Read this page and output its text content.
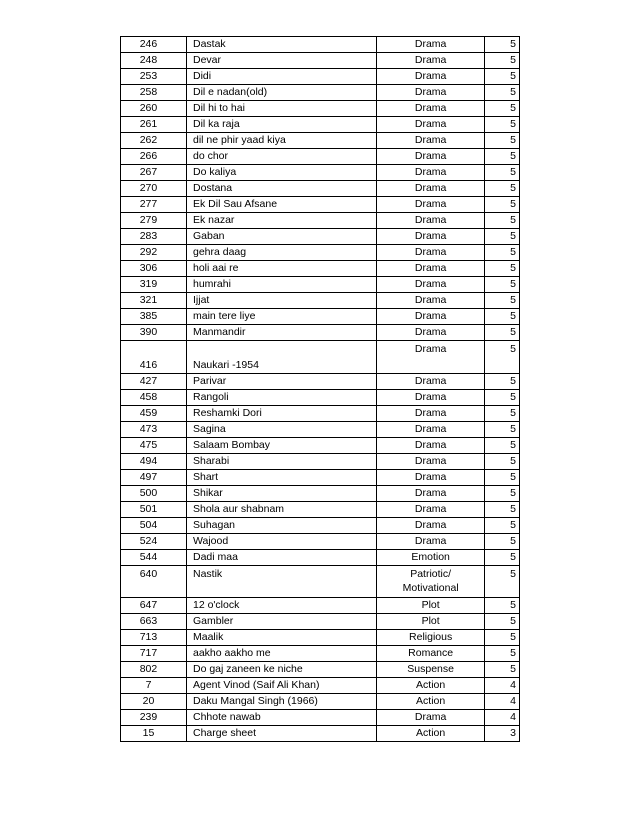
246	Dastak	Drama	5
248	Devar	Drama	5
253	Didi	Drama	5
258	Dil e nadan(old)	Drama	5
260	Dil hi to hai	Drama	5
261	Dil ka raja	Drama	5
262	dil ne phir yaad kiya	Drama	5
266	do chor	Drama	5
267	Do kaliya	Drama	5
270	Dostana	Drama	5
277	Ek Dil Sau Afsane	Drama	5
279	Ek nazar	Drama	5
283	Gaban	Drama	5
292	gehra daag	Drama	5
306	holi aai re	Drama	5
319	humrahi	Drama	5
321	Ijjat	Drama	5
385	main tere liye	Drama	5
390	Manmandir	Drama	5
416	Naukari -1954	Drama	5
427	Parivar	Drama	5
458	Rangoli	Drama	5
459	Reshamki Dori	Drama	5
473	Sagina	Drama	5
475	Salaam Bombay	Drama	5
494	Sharabi	Drama	5
497	Shart	Drama	5
500	Shikar	Drama	5
501	Shola aur shabnam	Drama	5
504	Suhagan	Drama	5
524	Wajood	Drama	5
544	Dadi maa	Emotion	5
640	Nastik	Patriotic/ Motivational	5
647	12 o'clock	Plot	5
663	Gambler	Plot	5
713	Maalik	Religious	5
717	aakho aakho me	Romance	5
802	Do gaj zaneen ke niche	Suspense	5
7	Agent Vinod (Saif Ali Khan)	Action	4
20	Daku Mangal Singh (1966)	Action	4
239	Chhote nawab	Drama	4
15	Charge sheet	Action	3
